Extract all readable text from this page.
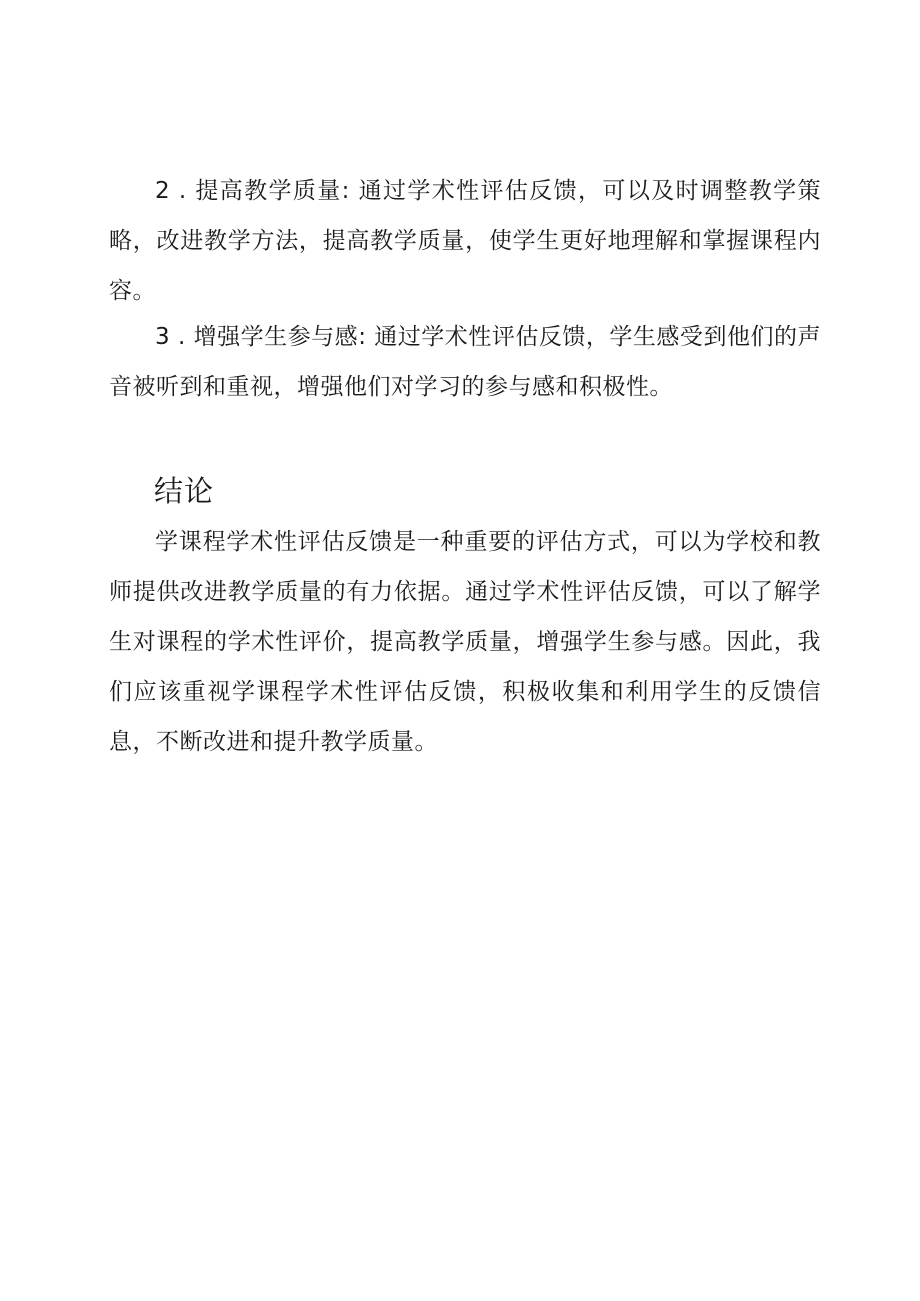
2 . 提高教学质量: 通过学术性评估反馈，可以及时调整教学策略，改进教学方法，提高教学质量，使学生更好地理解和掌握课程内容。

3 . 增强学生参与感: 通过学术性评估反馈，学生感受到他们的声音被听到和重视，增强他们对学习的参与感和积极性。

结论

学课程学术性评估反馈是一种重要的评估方式，可以为学校和教师提供改进教学质量的有力依据。通过学术性评估反馈，可以了解学生对课程的学术性评价，提高教学质量，增强学生参与感。因此，我们应该重视学课程学术性评估反馈，积极收集和利用学生的反馈信息，不断改进和提升教学质量。
